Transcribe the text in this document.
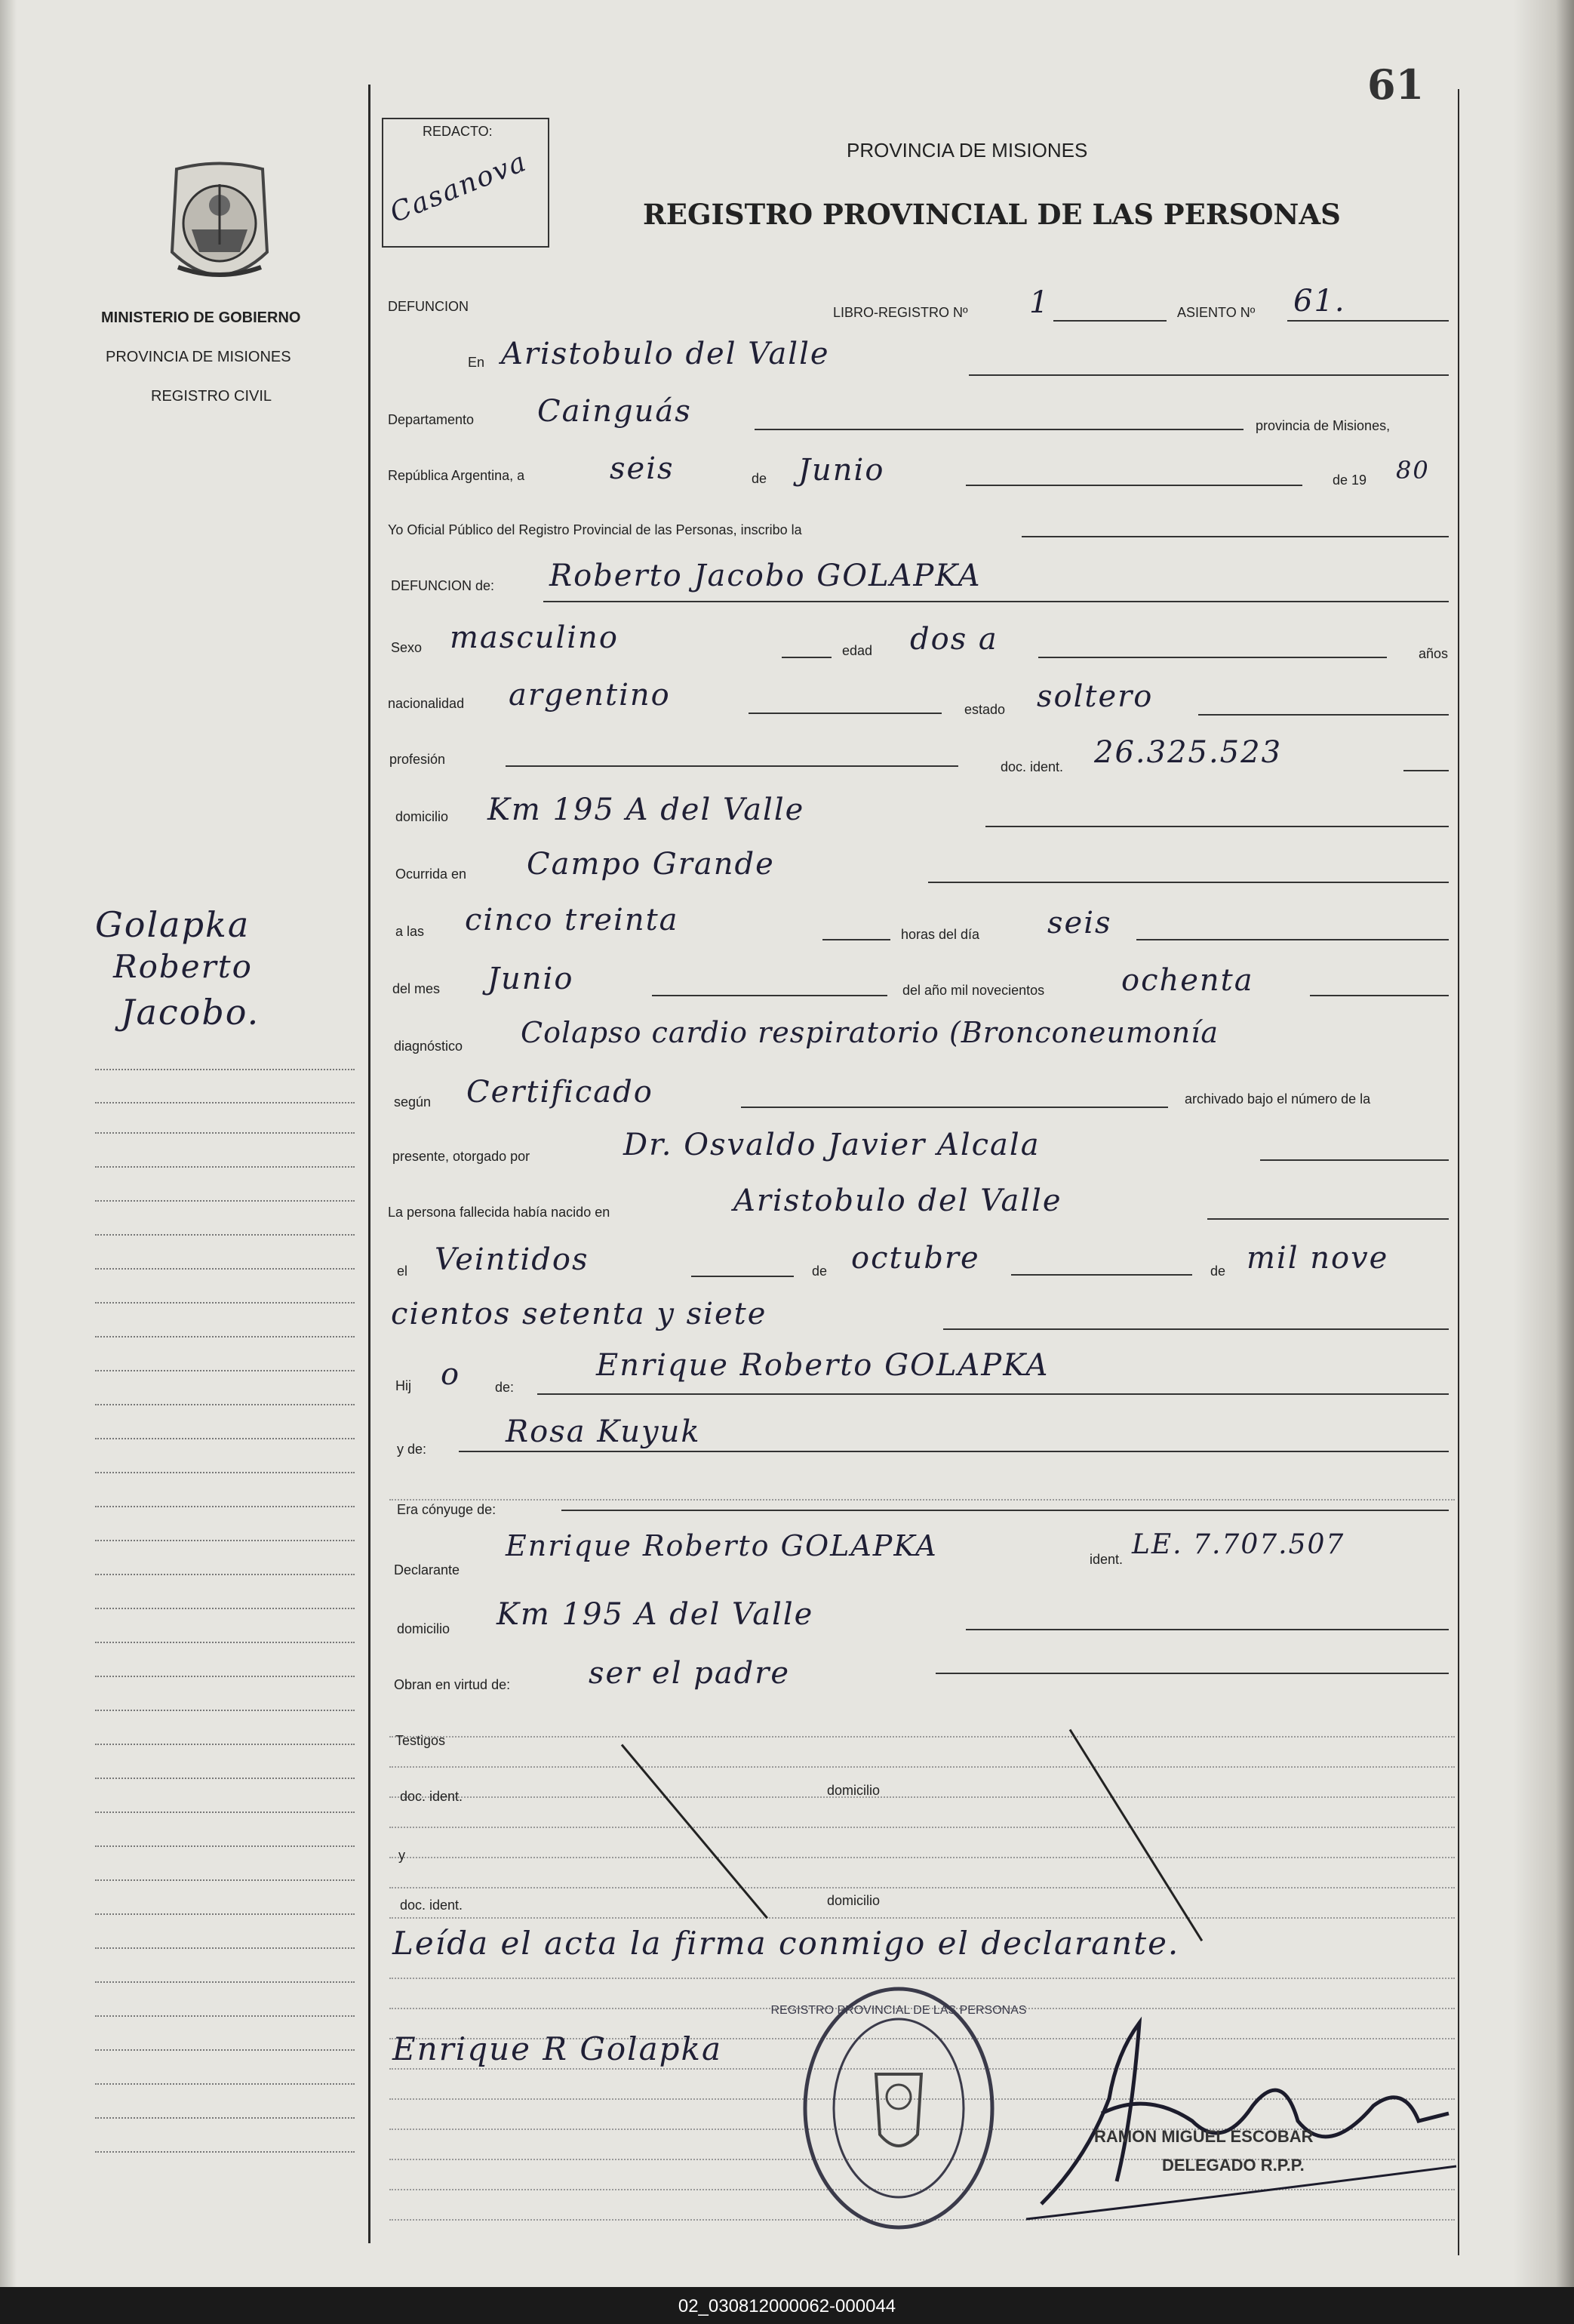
61
MINISTERIO DE GOBIERNO
PROVINCIA DE MISIONES
REGISTRO CIVIL
Golapka
Roberto
Jacobo.
REDACTO:
Casanova	PROVINCIA DE MISIONES
REGISTRO PROVINCIAL DE LAS PERSONAS
DEFUNCION	LIBRO-REGISTRO Nº 1	ASIENTO Nº 61.
En Aristobulo del Valle
Departamento Cainguás	provincia de Misiones,
República Argentina, a	seis	de Junio	de 19 80
Yo Oficial Público del Registro Provincial de las Personas, inscribo la
DEFUNCION de: Roberto Jacobo GOLAPKA
Sexo masculino	edad dos a	años
nacionalidad argentino	estado soltero
profesión	doc. ident. 26.325.523
domicilio Km 195 A del Valle
Ocurrida en Campo Grande
a las cinco treinta	horas del día seis
del mes Junio	del año mil novecientos	ochenta
diagnóstico Colapso cardio respiratorio (Bronconeumonía
según Certificado	archivado bajo el número de la
presente, otorgado por	Dr. Osvaldo Javier Alcala
La persona fallecida había nacido en	Aristobulo del Valle
el Veintidos	de octubre	de mil nove
cientos setenta y siete
Hij o	de:
Enrique Roberto GOLAPKA
y de:	Rosa Kuyuk
Era cónyuge de:
Declarante
Enrique Roberto GOLAPKA	ident. LE. 7.707.507
domicilio Km 195 A del Valle
Obran en virtud de:	ser el padre
Testigos
doc. ident.	domicilio
y
doc. ident.	domicilio
Leída el acta la firma conmigo el declarante.
Enrique R Golapka
REGISTRO PROVINCIAL DE LAS PERSONAS
RAMON MIGUEL ESCOBAR
DELEGADO R.P.P.
02_030812000062-000044
